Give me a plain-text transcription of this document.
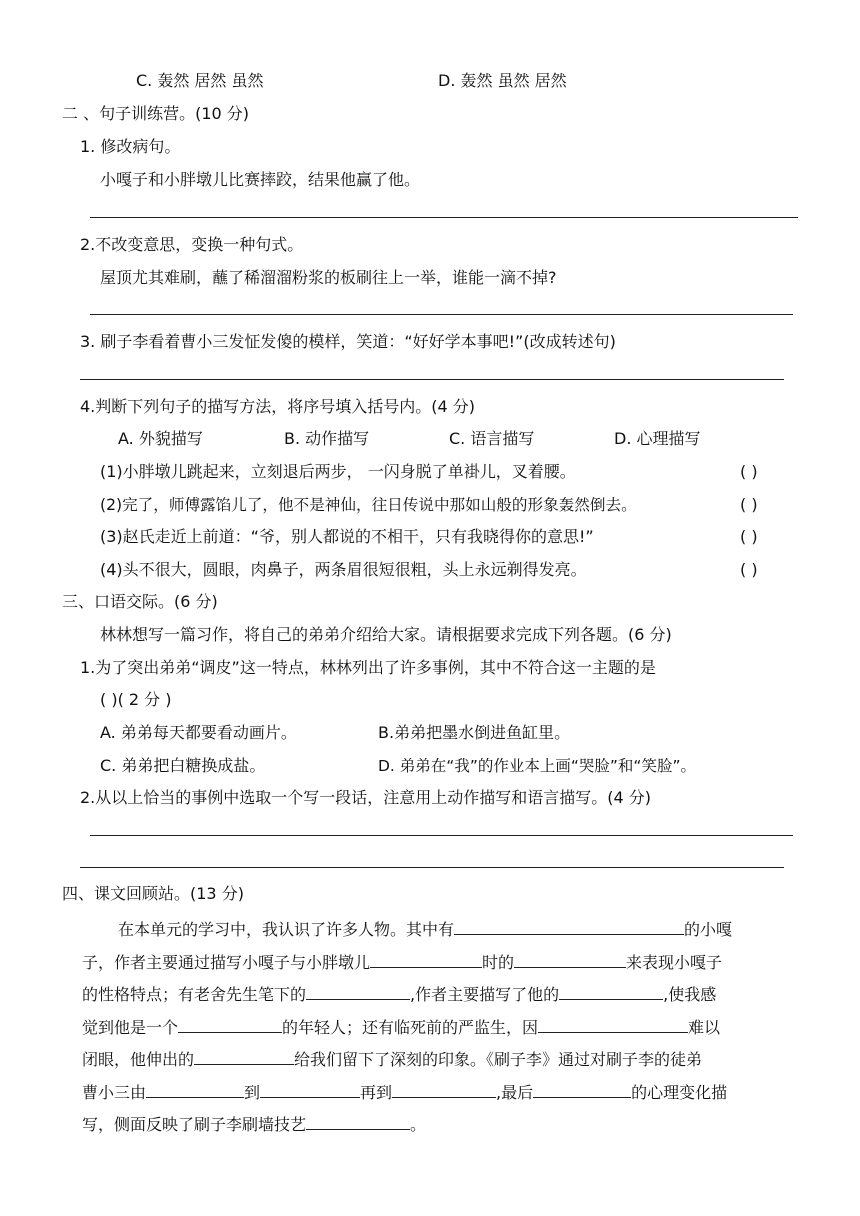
C. 轰然 居然 虽然	D. 轰然 虽然 居然
二 、句子训练营。(10 分)
1. 修改病句。
小嘎子和小胖墩儿比赛摔跤，结果他赢了他。
2.不改变意思，变换一种句式。
屋顶尤其难刷，蘸了稀溜溜粉浆的板刷往上一举，谁能一滴不掉?
3. 刷子李看着曹小三发怔发傻的模样，笑道：“好好学本事吧!”(改成转述句)
4.判断下列句子的描写方法，将序号填入括号内。(4 分)
A. 外貌描写	B. 动作描写	C. 语言描写	D. 心理描写
(1)小胖墩儿跳起来，立刻退后两步， 一闪身脱了单褂儿，叉着腰。	( )
(2)完了，师傅露馅儿了，他不是神仙，往日传说中那如山般的形象轰然倒去。	( )
(3)赵氏走近上前道：“爷，别人都说的不相干，只有我晓得你的意思!”	( )
(4)头不很大，圆眼，肉鼻子，两条眉很短很粗，头上永远剃得发亮。	( )
三、口语交际。(6 分)
林林想写一篇习作，将自己的弟弟介绍给大家。请根据要求完成下列各题。(6 分)
1.为了突出弟弟“调皮”这一特点，林林列出了许多事例，其中不符合这一主题的是
( )( 2 分 )
A. 弟弟每天都要看动画片。	B.弟弟把墨水倒进鱼缸里。
C. 弟弟把白糖换成盐。	D. 弟弟在“我”的作业本上画“哭脸”和“笑脸”。
2.从以上恰当的事例中选取一个写一段话，注意用上动作描写和语言描写。(4 分)
四、课文回顾站。(13 分)
在本单元的学习中，我认识了许多人物。其中有	的小嘎
子，作者主要通过描写小嘎子与小胖墩儿	时的	来表现小嘎子
的性格特点；有老舍先生笔下的	,作者主要描写了他的	,使我感
觉到他是一个	的年轻人；还有临死前的严监生，因	难以
闭眼，他伸出的	给我们留下了深刻的印象。《刷子李》通过对刷子李的徒弟
曹小三由	到	再到	,最后	的心理变化描
写，侧面反映了刷子李刷墙技艺	。
